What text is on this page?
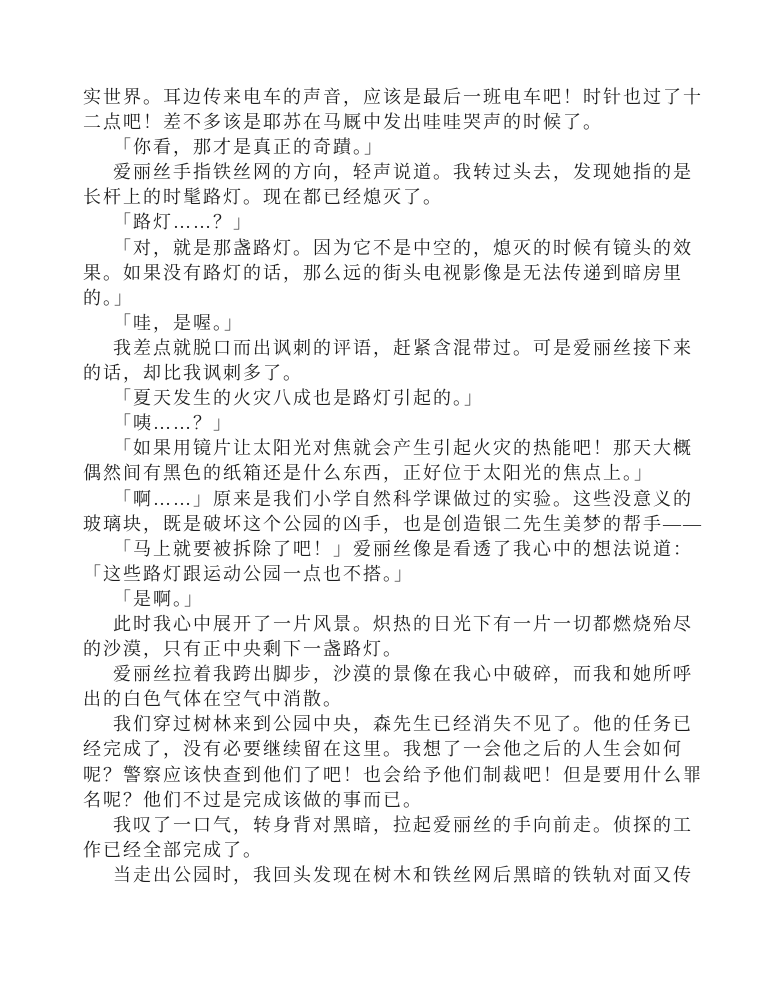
实世界。耳边传来电车的声音，应该是最后一班电车吧！时针也过了十
二点吧！差不多该是耶苏在马厩中发出哇哇哭声的时候了。
「你看，那才是真正的奇蹟。」
爱丽丝手指铁丝网的方向，轻声说道。我转过头去，发现她指的是
长杆上的时髦路灯。现在都已经熄灭了。
「路灯……？」
「对，就是那盏路灯。因为它不是中空的，熄灭的时候有镜头的效
果。如果没有路灯的话，那么远的街头电视影像是无法传递到暗房里
的。」
「哇，是喔。」
我差点就脱口而出讽刺的评语，赶紧含混带过。可是爱丽丝接下来
的话，却比我讽刺多了。
「夏天发生的火灾八成也是路灯引起的。」
「咦……？」
「如果用镜片让太阳光对焦就会产生引起火灾的热能吧！那天大概
偶然间有黑色的纸箱还是什么东西，正好位于太阳光的焦点上。」
「啊……」原来是我们小学自然科学课做过的实验。这些没意义的
玻璃块，既是破坏这个公园的凶手，也是创造银二先生美梦的帮手——
「马上就要被拆除了吧！」爱丽丝像是看透了我心中的想法说道：
「这些路灯跟运动公园一点也不搭。」
「是啊。」
此时我心中展开了一片风景。炽热的日光下有一片一切都燃烧殆尽
的沙漠，只有正中央剩下一盏路灯。
爱丽丝拉着我跨出脚步，沙漠的景像在我心中破碎，而我和她所呼
出的白色气体在空气中消散。
我们穿过树林来到公园中央，森先生已经消失不见了。他的任务已
经完成了，没有必要继续留在这里。我想了一会他之后的人生会如何
呢？警察应该快查到他们了吧！也会给予他们制裁吧！但是要用什么罪
名呢？他们不过是完成该做的事而已。
我叹了一口气，转身背对黑暗，拉起爱丽丝的手向前走。侦探的工
作已经全部完成了。
当走出公园时，我回头发现在树木和铁丝网后黑暗的铁轨对面又传
